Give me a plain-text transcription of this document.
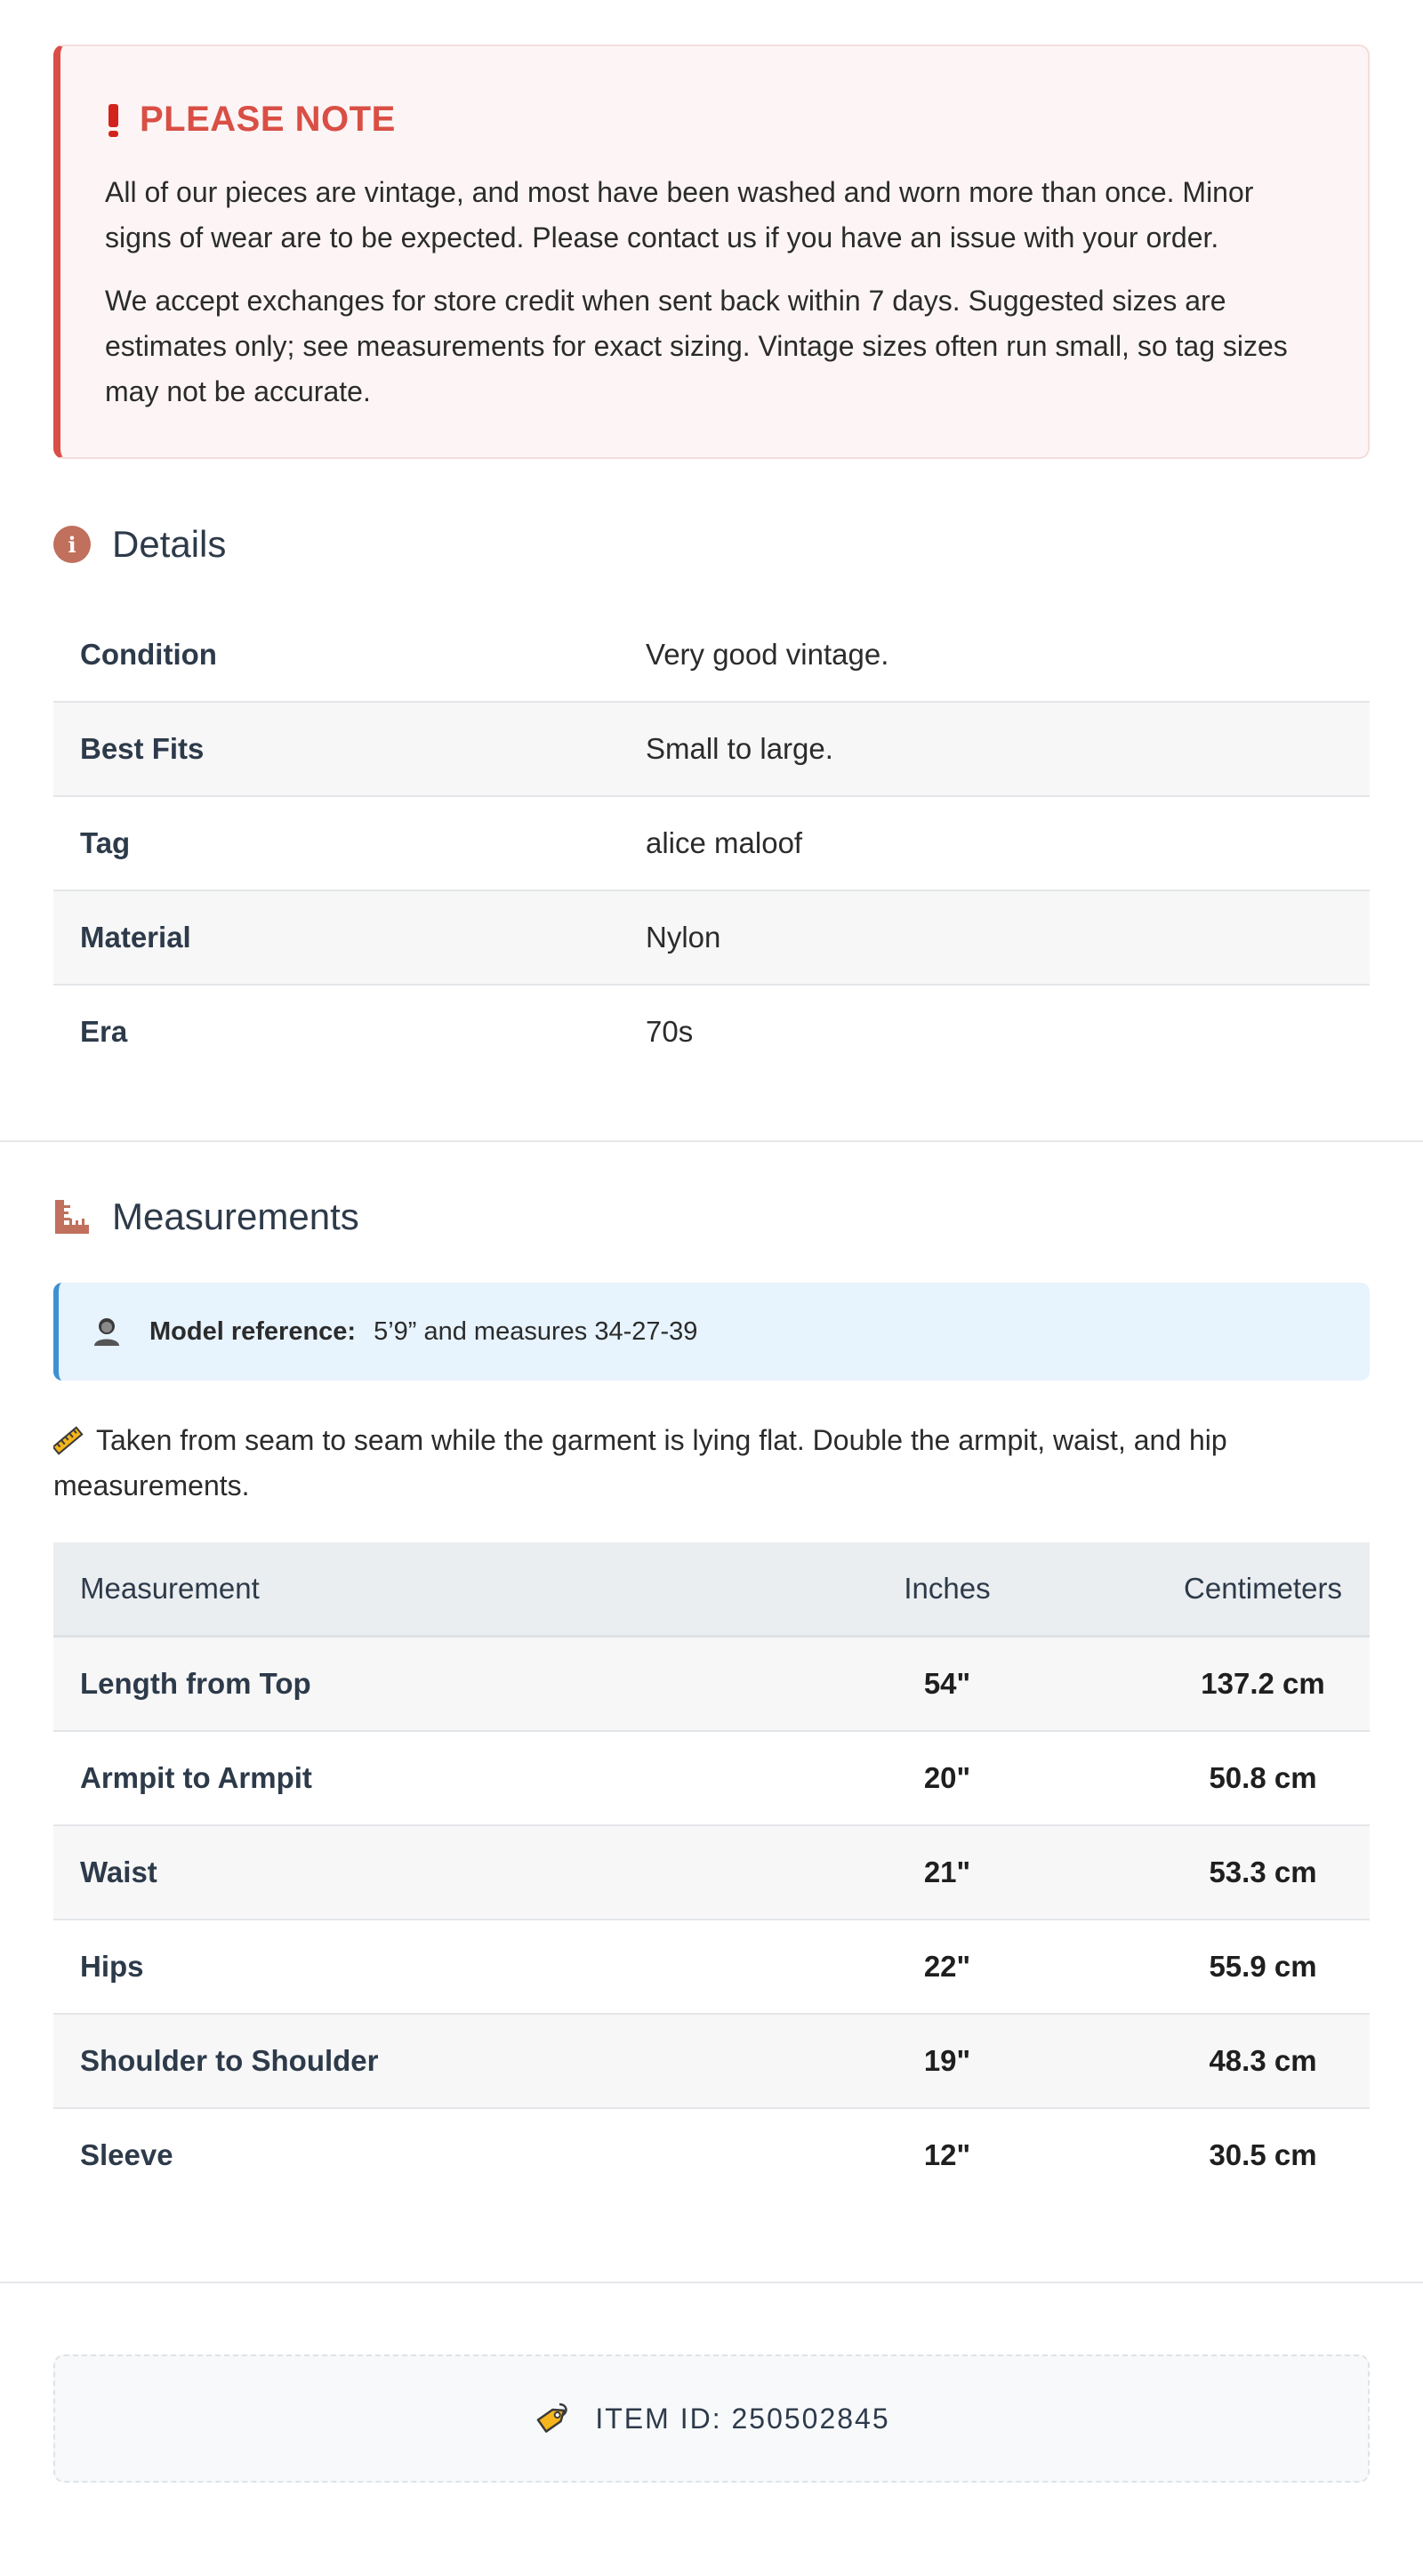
PLEASE NOTE

All of our pieces are vintage, and most have been washed and worn more than once. Minor signs of wear are to be expected. Please contact us if you have an issue with your order.

We accept exchanges for store credit when sent back within 7 days. Suggested sizes are estimates only; see measurements for exact sizing. Vintage sizes often run small, so tag sizes may not be accurate.

i Details
Condition	Very good vintage.
Best Fits	Small to large.
Tag	alice maloof
Material	Nylon
Era	70s
Measurements
Model reference: 5’9” and measures 34-27-39
Taken from seam to seam while the garment is lying flat. Double the armpit, waist, and hip measurements.
Measurement	Inches	Centimeters
Length from Top	54"	137.2 cm
Armpit to Armpit	20"	50.8 cm
Waist	21"	53.3 cm
Hips	22"	55.9 cm
Shoulder to Shoulder	19"	48.3 cm
Sleeve	12"	30.5 cm
ITEM ID: 250502845
